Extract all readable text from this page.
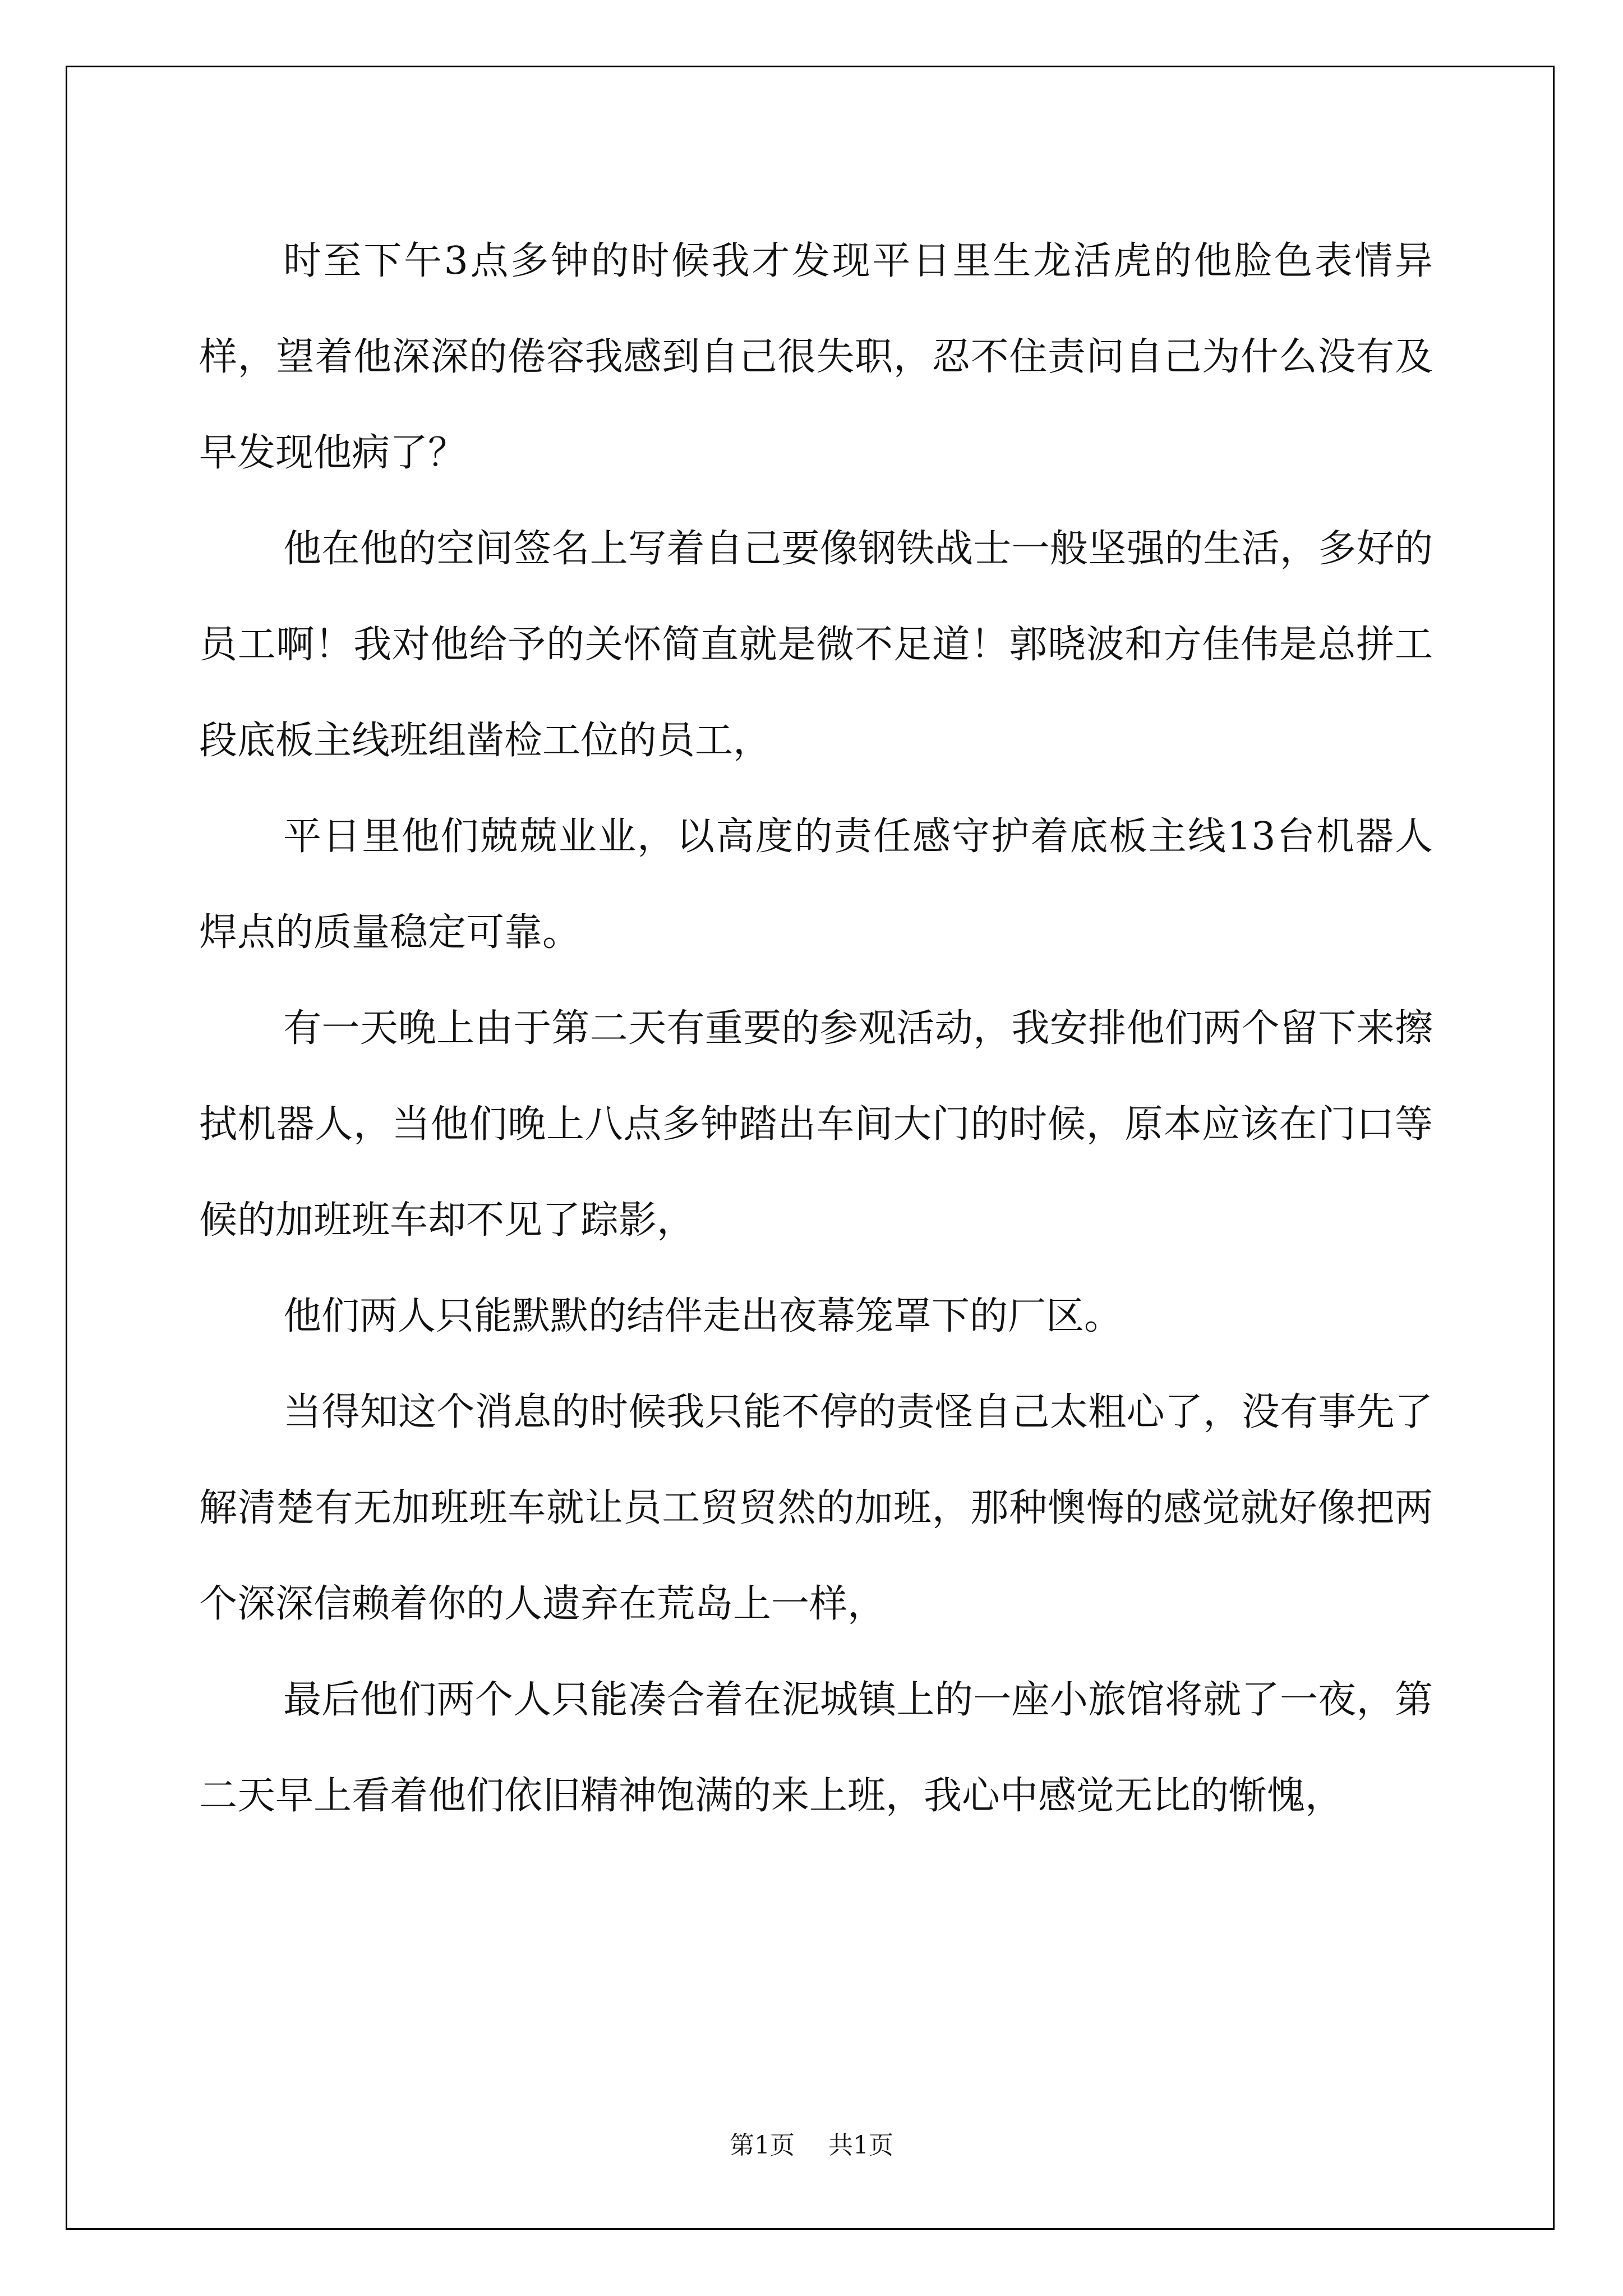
时至下午3点多钟的时候我才发现平日里生龙活虎的他脸色表情异样，望着他深深的倦容我感到自己很失职，忍不住责问自己为什么没有及早发现他病了？

他在他的空间签名上写着自己要像钢铁战士一般坚强的生活，多好的员工啊！我对他给予的关怀简直就是微不足道！郭晓波和方佳伟是总拼工段底板主线班组凿检工位的员工，

平日里他们兢兢业业，以高度的责任感守护着底板主线13台机器人焊点的质量稳定可靠。

有一天晚上由于第二天有重要的参观活动，我安排他们两个留下来擦拭机器人，当他们晚上八点多钟踏出车间大门的时候，原本应该在门口等候的加班班车却不见了踪影，

他们两人只能默默的结伴走出夜幕笼罩下的厂区。

当得知这个消息的时候我只能不停的责怪自己太粗心了，没有事先了解清楚有无加班班车就让员工贸贸然的加班，那种懊悔的感觉就好像把两个深深信赖着你的人遗弃在荒岛上一样，

最后他们两个人只能凑合着在泥城镇上的一座小旅馆将就了一夜，第二天早上看着他们依旧精神饱满的来上班，我心中感觉无比的惭愧，

第1页 共1页
